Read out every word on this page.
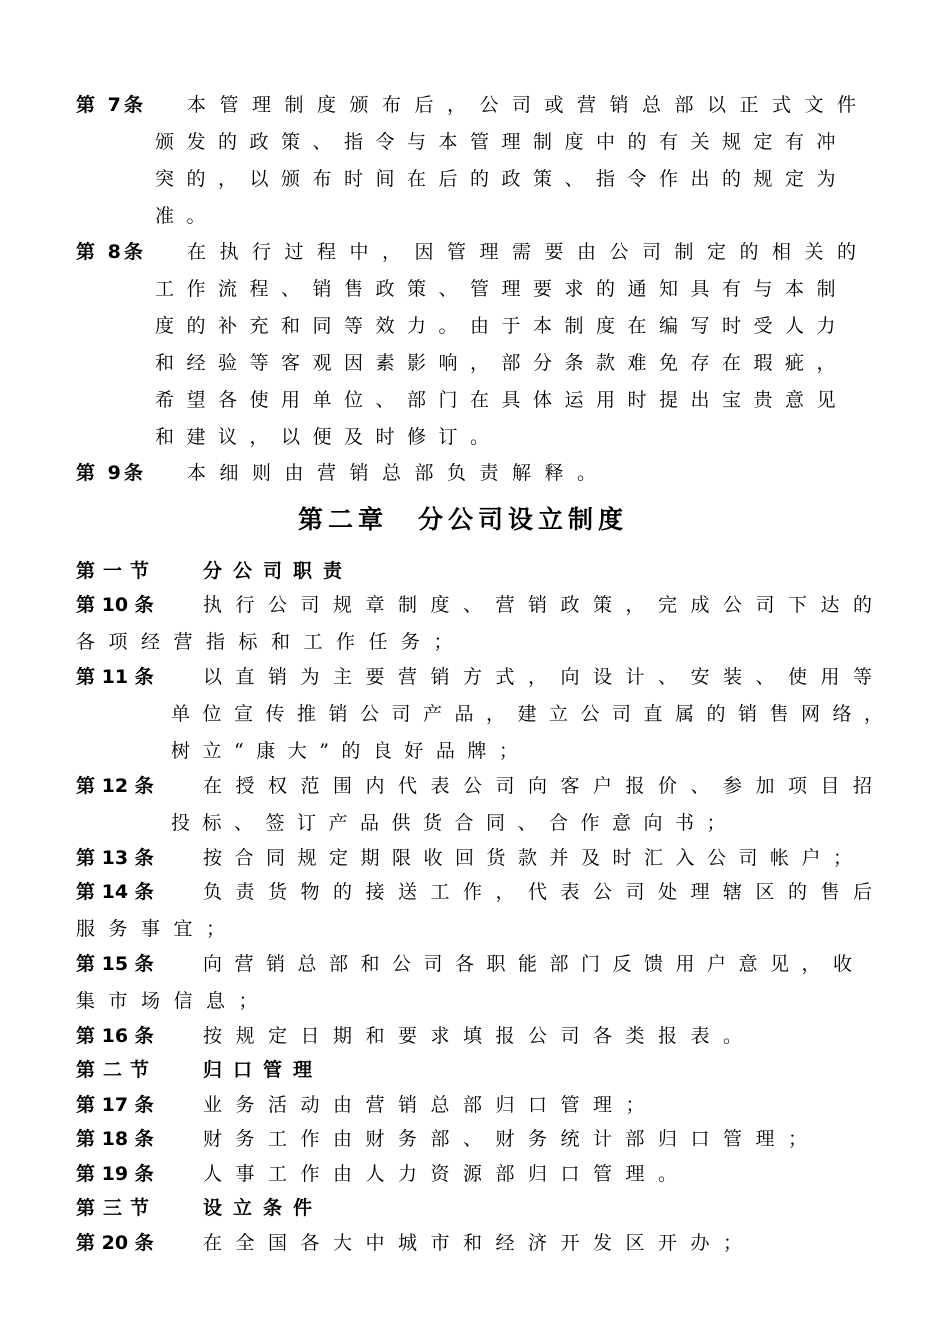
第 7条 本管理制度颁布后，公司或营销总部以正式文件
颁发的政策、指令与本管理制度中的有关规定有冲
突的，以颁布时间在后的政策、指令作出的规定为
准。
第 8条 在执行过程中，因管理需要由公司制定的相关的
工作流程、销售政策、管理要求的通知具有与本制
度的补充和同等效力。由于本制度在编写时受人力
和经验等客观因素影响，部分条款难免存在瑕疵，
希望各使用单位、部门在具体运用时提出宝贵意见
和建议，以便及时修订。
第 9条 本细则由营销总部负责解释。
第二章　分公司设立制度
第一节 分公司职责
第 10 条	执行公司规章制度、营销政策，完成公司下达的
各项经营指标和工作任务；
第 11 条	以直销为主要营销方式，向设计、安装、使用等
单位宣传推销公司产品，建立公司直属的销售网络，
树立“康大”的良好品牌；
第 12 条	在授权范围内代表公司向客户报价、参加项目招
投标、签订产品供货合同、合作意向书；
第 13 条	按合同规定期限收回货款并及时汇入公司帐户；
第 14 条	负责货物的接送工作，代表公司处理辖区的售后
服务事宜；
第 15 条	向营销总部和公司各职能部门反馈用户意见，收
集市场信息；
第 16 条	按规定日期和要求填报公司各类报表。
第二节 归口管理
第 17 条	业务活动由营销总部归口管理；
第 18 条	财务工作由财务部、财务统计部归口管理；
第 19 条	人事工作由人力资源部归口管理。
第三节 设立条件
第 20 条	在全国各大中城市和经济开发区开办；
